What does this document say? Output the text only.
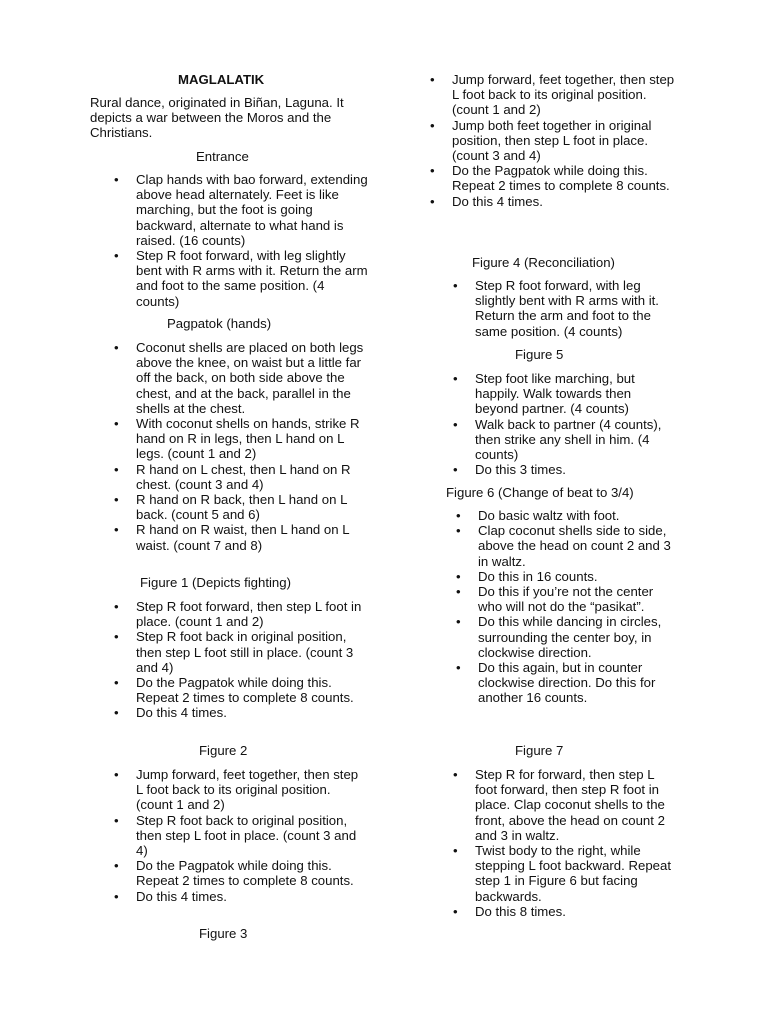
MAGLALATIK

Rural dance, originated in Biñan, Laguna. It depicts a war between the Moros and the Christians.

Entrance

• Clap hands with bao forward, extending above head alternately. Feet is like marching, but the foot is going backward, alternate to what hand is raised. (16 counts)
• Step R foot forward, with leg slightly bent with R arms with it. Return the arm and foot to the same position. (4 counts)

Pagpatok (hands)

• Coconut shells are placed on both legs above the knee, on waist but a little far off the back, on both side above the chest, and at the back, parallel in the shells at the chest.
• With coconut shells on hands, strike R hand on R in legs, then L hand on L legs. (count 1 and 2)
• R hand on L chest, then L hand on R chest. (count 3 and 4)
• R hand on R back, then L hand on L back. (count 5 and 6)
• R hand on R waist, then L hand on L waist. (count 7 and 8)

Figure 1 (Depicts fighting)

• Step R foot forward, then step L foot in place. (count 1 and 2)
• Step R foot back in original position, then step L foot still in place. (count 3 and 4)
• Do the Pagpatok while doing this. Repeat 2 times to complete 8 counts.
• Do this 4 times.

Figure 2

• Jump forward, feet together, then step L foot back to its original position. (count 1 and 2)
• Step R foot back to original position, then step L foot in place. (count 3 and 4)
• Do the Pagpatok while doing this. Repeat 2 times to complete 8 counts.
• Do this 4 times.

Figure 3

• Jump forward, feet together, then step L foot back to its original position. (count 1 and 2)
• Jump both feet together in original position, then step L foot in place. (count 3 and 4)
• Do the Pagpatok while doing this. Repeat 2 times to complete 8 counts.
• Do this 4 times.

Figure 4 (Reconciliation)

• Step R foot forward, with leg slightly bent with R arms with it. Return the arm and foot to the same position. (4 counts)

Figure 5

• Step foot like marching, but happily. Walk towards then beyond partner. (4 counts)
• Walk back to partner (4 counts), then strike any shell in him. (4 counts)
• Do this 3 times.

Figure 6 (Change of beat to 3/4)

• Do basic waltz with foot.
• Clap coconut shells side to side, above the head on count 2 and 3 in waltz.
• Do this in 16 counts.
• Do this if you’re not the center who will not do the “pasikat”.
• Do this while dancing in circles, surrounding the center boy, in clockwise direction.
• Do this again, but in counter clockwise direction. Do this for another 16 counts.

Figure 7

• Step R for forward, then step L foot forward, then step R foot in place. Clap coconut shells to the front, above the head on count 2 and 3 in waltz.
• Twist body to the right, while stepping L foot backward. Repeat step 1 in Figure 6 but facing backwards.
• Do this 8 times.
